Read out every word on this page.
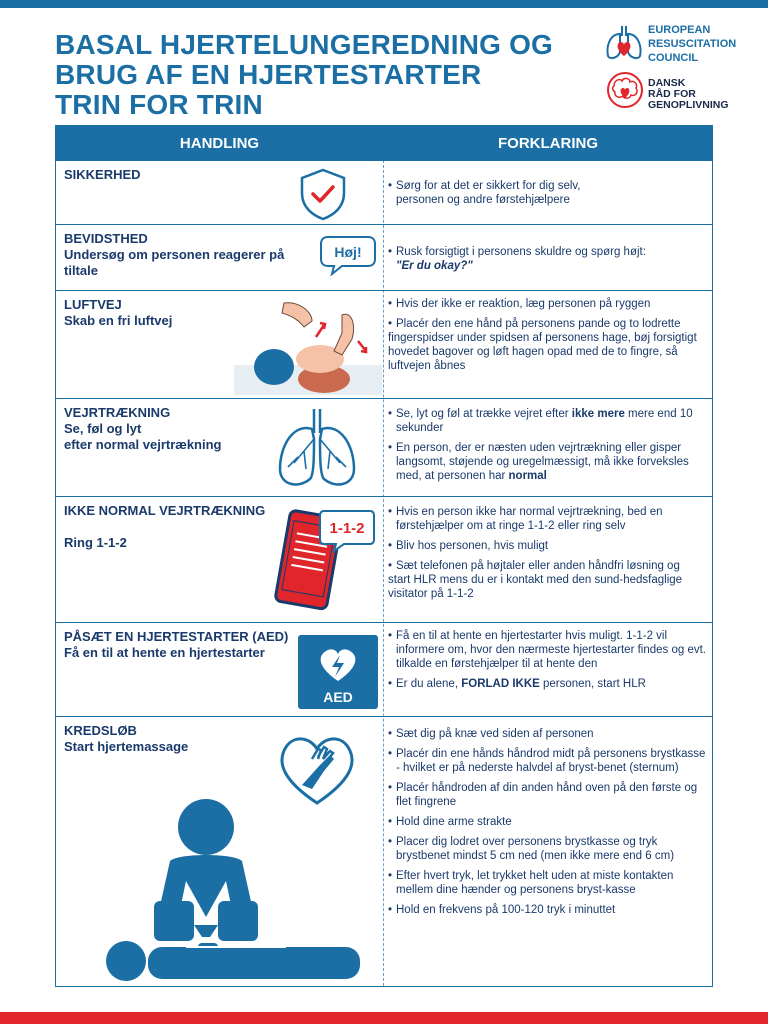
BASAL HJERTELUNGEREDNING OG
BRUG AF EN HJERTESTARTER
TRIN FOR TRIN
EUROPEAN
RESUSCITATION
COUNCIL
DANSK
RÅD FOR
GENOPLIVNING
HANDLING	FORKLARING
SIKKERHED
• Sørg for at det er sikkert for dig selv,
personen og andre førstehjælpere
BEVIDSTHED
Undersøg om personen reagerer på tiltale
Høj!
•	Rusk forsigtigt i personens skuldre og spørg højt:
"Er du okay?"
LUFTVEJ
Skab en fri luftvej
• Hvis der ikke er reaktion, læg personen på ryggen
• Placér den ene hånd på personens pande og to lodrette
fingerspidser under spidsen af personens hage, bøj forsigtigt hovedet bagover og løft hagen opad med de to fingre, så luftvejen åbnes
VEJRTRÆKNING
Se, føl og lyt
efter normal vejrtrækning
• Se, lyt og føl at trække vejret efter ikke mere mere end 10 sekunder
• En person, der er næsten uden vejrtrækning eller gisper langsomt, støjende og uregelmæssigt, må ikke forveksles med, at personen har normal
IKKE NORMAL VEJRTRÆKNING
Ring 1-1-2
1-1-2
• Hvis en person ikke har normal vejrtrækning, bed en førstehjælper om at ringe 1-1-2 eller ring selv
• Bliv hos personen, hvis muligt
• Sæt telefonen på højtaler eller anden håndfri løsning og
start HLR mens du er i kontakt med den sund-hedsfaglige visitator på 1-1-2
PÅSÆT EN HJERTESTARTER (AED)
Få en til at hente en hjertestarter
AED
• Få en til at hente en hjertestarter hvis muligt. 1-1-2 vil informere om, hvor den nærmeste hjertestarter findes og evt. tilkalde en førstehjælper til at hente den
• Er du alene, FORLAD IKKE personen, start HLR
KREDSLØB
Start hjertemassage
• Sæt dig på knæ ved siden af personen
• Placér din ene hånds håndrod midt på personens brystkasse - hvilket er på nederste halvdel af bryst-benet (sternum)
• Placér håndroden af din anden hånd oven på den første og flet fingrene
• Hold dine arme strakte
• Placer dig lodret over personens brystkasse og tryk brystbenet mindst 5 cm ned (men ikke mere end 6 cm)
• Efter hvert tryk, let trykket helt uden at miste kontakten mellem dine hænder og personens bryst-kasse
• Hold en frekvens på 100-120 tryk i minuttet
